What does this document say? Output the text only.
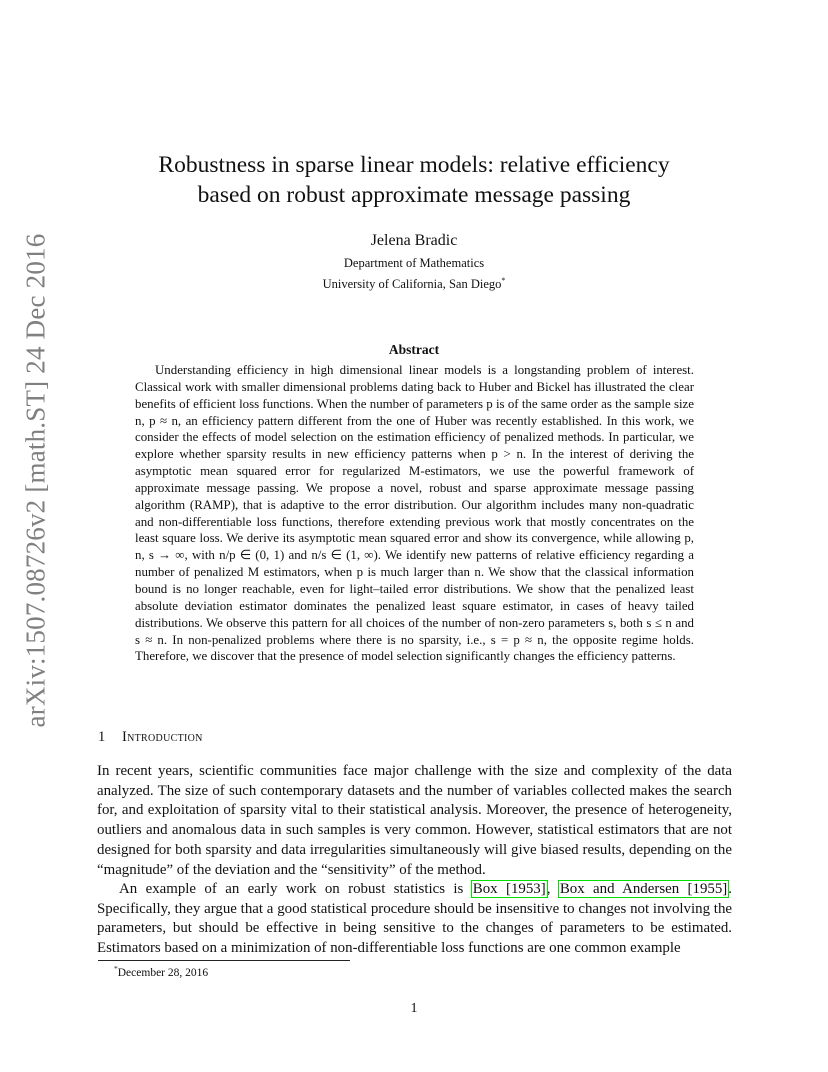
arXiv:1507.08726v2 [math.ST] 24 Dec 2016
Robustness in sparse linear models: relative efficiency
based on robust approximate message passing
Jelena Bradic
Department of Mathematics
University of California, San Diego*
Abstract

Understanding efficiency in high dimensional linear models is a longstanding problem of interest. Classical work with smaller dimensional problems dating back to Huber and Bickel has illustrated the clear benefits of efficient loss functions. When the number of parameters p is of the same order as the sample size n, p ≈ n, an efficiency pattern different from the one of Huber was recently established. In this work, we consider the effects of model selection on the estimation efficiency of penalized methods. In particular, we explore whether sparsity results in new efficiency patterns when p > n. In the interest of deriving the asymptotic mean squared error for regularized M-estimators, we use the powerful framework of approximate message passing. We propose a novel, robust and sparse approximate message passing algorithm (RAMP), that is adaptive to the error distribution. Our algorithm includes many non-quadratic and non-differentiable loss functions, therefore extending previous work that mostly concentrates on the least square loss. We derive its asymptotic mean squared error and show its convergence, while allowing p, n, s → ∞, with n/p ∈ (0, 1) and n/s ∈ (1, ∞). We identify new patterns of relative efficiency regarding a number of penalized M estimators, when p is much larger than n. We show that the classical information bound is no longer reachable, even for light–tailed error distributions. We show that the penalized least absolute deviation estimator dominates the penalized least square estimator, in cases of heavy tailed distributions. We observe this pattern for all choices of the number of non-zero parameters s, both s ≤ n and s ≈ n. In non-penalized problems where there is no sparsity, i.e., s = p ≈ n, the opposite regime holds. Therefore, we discover that the presence of model selection significantly changes the efficiency patterns.

1 Introduction

In recent years, scientific communities face major challenge with the size and complexity of the data analyzed. The size of such contemporary datasets and the number of variables collected makes the search for, and exploitation of sparsity vital to their statistical analysis. Moreover, the presence of heterogeneity, outliers and anomalous data in such samples is very common. However, statistical estimators that are not designed for both sparsity and data irregularities simultaneously will give biased results, depending on the “magnitude” of the deviation and the “sensitivity” of the method.

An example of an early work on robust statistics is Box [1953], Box and Andersen [1955]. Specifically, they argue that a good statistical procedure should be insensitive to changes not involving the parameters, but should be effective in being sensitive to the changes of parameters to be estimated. Estimators based on a minimization of non-differentiable loss functions are one common example

*December 28, 2016
1
